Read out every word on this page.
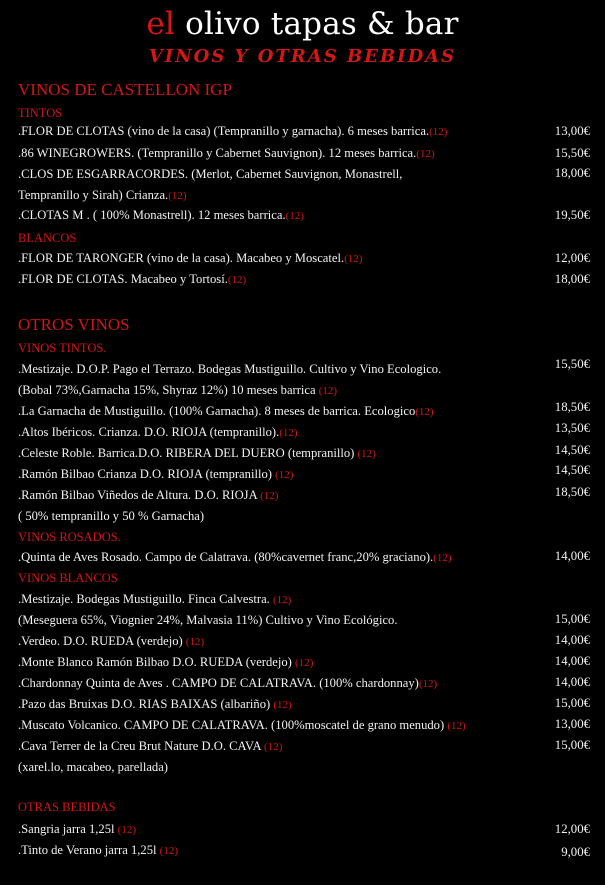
el olivo tapas & bar
VINOS Y OTRAS BEBIDAS
VINOS DE CASTELLON IGP
TINTOS
.FLOR DE CLOTAS (vino de la casa) (Tempranillo y garnacha). 6 meses barrica.(12)	13,00€
.86 WINEGROWERS. (Tempranillo y Cabernet Sauvignon). 12 meses barrica.(12)	15,50€
.CLOS DE ESGARRACORDES. (Merlot, Cabernet Sauvignon, Monastrell,
Tempranillo y Sirah) Crianza.(12)
18,00€
.CLOTAS M . ( 100% Monastrell). 12 meses barrica.(12)	19,50€
BLANCOS
.FLOR DE TARONGER (vino de la casa). Macabeo y Moscatel.(12)	12,00€
.FLOR DE CLOTAS. Macabeo y Tortosí.(12)	18,00€
OTROS VINOS
VINOS TINTOS.
.Mestizaje. D.O.P. Pago el Terrazo. Bodegas Mustiguillo. Cultivo y Vino Ecologico.
(Bobal 73%,Garnacha 15%, Shyraz 12%) 10 meses barrica (12)
15,50€
.La Garnacha de Mustiguillo. (100% Garnacha). 8 meses de barrica. Ecologico(12)	18,50€
.Altos Ibéricos. Crianza. D.O. RIOJA (tempranillo).(12)	13,50€
.Celeste Roble. Barrica.D.O. RIBERA DEL DUERO (tempranillo) (12)	14,50€
.Ramón Bilbao Crianza D.O. RIOJA (tempranillo) (12)	14,50€
.Ramón Bilbao Viñedos de Altura. D.O. RIOJA (12)
( 50% tempranillo y 50 % Garnacha)
18,50€
VINOS ROSADOS.
.Quinta de Aves Rosado. Campo de Calatrava. (80%cavernet franc,20% graciano).(12)	14,00€
VINOS BLANCOS
.Mestizaje. Bodegas Mustiguillo. Finca Calvestra. (12)
(Meseguera 65%, Viognier 24%, Malvasia 11%) Cultivo y Vino Ecológico.	15,00€
.Verdeo. D.O. RUEDA (verdejo) (12)	14,00€
.Monte Blanco Ramón Bilbao D.O. RUEDA (verdejo) (12)	14,00€
.Chardonnay Quinta de Aves . CAMPO DE CALATRAVA. (100% chardonnay)(12)	14,00€
.Pazo das Bruixas D.O. RIAS BAIXAS (albariño) (12)	15,00€
.Muscato Volcanico. CAMPO DE CALATRAVA. (100%moscatel de grano menudo) (12)	13,00€
.Cava Terrer de la Creu Brut Nature D.O. CAVA (12)
(xarel.lo, macabeo, parellada)
15,00€
OTRAS BEBIDAS
.Sangria jarra 1,25l (12)	12,00€
.Tinto de Verano jarra 1,25l (12)	9,00€
